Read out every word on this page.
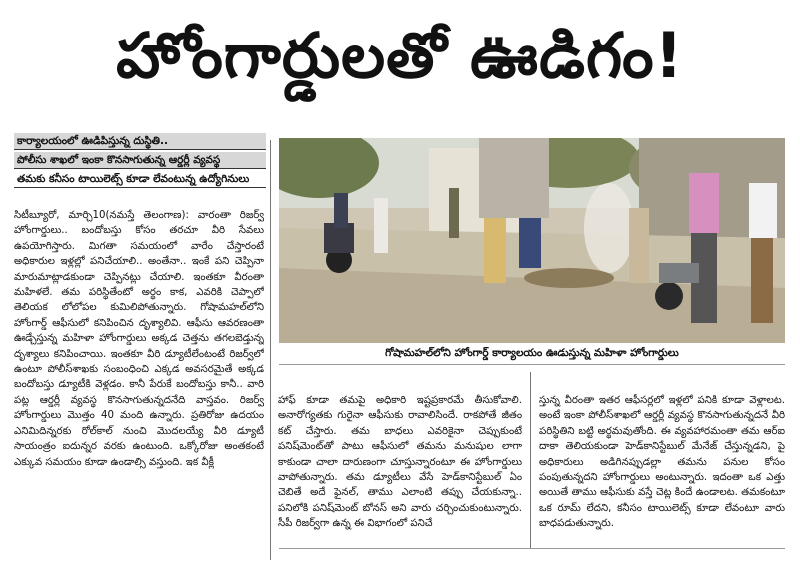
హోంగార్డులతో ఊడిగం!
కార్యాలయంలో ఊడిపిస్తున్న దుస్థితి..
పోలీసు శాఖలో ఇంకా కొనసాగుతున్న ఆర్డర్లీ వ్యవస్థ
తమకు కనీసం టాయిలెట్స్ కూడా లేవంటున్న ఉద్యోగినులు

సిటీబ్యూరో, మార్చి10(నమస్తే తెలంగాణ): వారంతా రిజర్వ్ హోంగార్డులు.. బందోబస్తు కోసం తరచూ వీరి సేవలు ఉపయోగిస్తారు. మిగతా సమయంలో వారేం చేస్తారంటే అధికారుల ఇళ్లల్లో పనిచేయాలి.. అంతేనా.. ఇంకే పని చెప్పినా మారుమాట్లాడకుండా చెప్పినట్లు చేయాలి. ఇంతకూ వీరంతా మహిళలే. తమ పరిస్థితేంటో అర్థం కాక, ఎవరికి చెప్పాలో తెలియక లోలోపల కుమిలిపోతున్నారు. గోషామహల్‌లోని హోంగార్డ్ ఆఫీసులో కనిపించిన దృశ్యాలివి. ఆఫీసు ఆవరణంతా ఊడ్చేస్తున్న మహిళా హోంగార్డులు అక్కడ చెత్తను తగలబెడ్తున్న దృశ్యాలు కనిపించాయి. ఇంతకూ వీరి డ్యూటీలేంటంటే రిజర్వ్‌లో ఉంటూ పోలీస్‌శాఖకు సంబంధించి ఎక్కడ అవసరమైతే అక్కడ బందోబస్తు డ్యూటీకి వెళ్లడం. కానీ పేరుకే బందోబస్తు కానీ.. వారి పట్ల ఆర్డర్లీ వ్యవస్థ కొనసాగుతున్నదనేది వాస్తవం. రిజర్వ్ హోంగార్డులు మొత్తం 40 మంది ఉన్నారు. ప్రతిరోజు ఉదయం ఎనిమిదిన్నరకు రోల్‌కాల్ నుంచి మొదలయ్యే వీరి డ్యూటీ సాయంత్రం ఐదున్నర వరకు ఉంటుంది. ఒక్కోరోజు అంతకంటే ఎక్కువ సమయం కూడా ఉండాల్సి వస్తుంది. ఇక వీక్లీ

గోషామహల్‌లోని హోంగార్డ్ కార్యాలయం ఊడుస్తున్న మహిళా హోంగార్డులు

హాఫ్ కూడా తమపై అధికారి ఇష్టప్రకారమే తీసుకోవాలి. అనారోగ్యతకు గురైనా ఆఫీసుకు రావాలిసిందే. రాకపోతే జీతం కట్ చేస్తారు. తమ బాధలు ఎవరికైనా చెప్పుకుంటే పనిష్‌మెంట్‌తో పాటు ఆఫీసులో తమను మనుషుల లాగా కాకుండా చాలా దారుణంగా చూస్తున్నారంటూ ఈ హోంగార్డులు వాపోతున్నారు. తమ డ్యూటీలు వేసే హెడ్‌కానిస్టేబుల్ ఏం చెబితే అదే ఫైనల్, తాము ఎలాంటి తప్పు చేయకున్నా.. పనిలోకి పనిష్‌మెంట్ బోనస్ అని వారు చర్చించుకుంటున్నారు. సీపీ రిజర్వ్‌గా ఉన్న ఈ విభాగంలో పనిచే

స్తున్న వీరంతా ఇతర ఆఫీసర్లలో ఇళ్లలో పనికి కూడా వెళ్లాలట. అంటే ఇంకా పోలీస్‌శాఖలో ఆర్డర్లీ వ్యవస్థ కొనసాగుతున్నదనే వీరి పరిస్థితిని బట్టి అర్థమవుతోంది. ఈ వ్యవహారమంతా తమ ఆర్‌ఐ దాకా తెలియకుండా హెడ్‌కానిస్టేబుల్ మేనేజ్ చేస్తున్నడని, పై అధికారులు అడిగినప్పుడల్లా తమను పనుల కోసం పంపుతున్నదని హోంగార్డులు అంటున్నారు. ఇదంతా ఒక ఎత్తు అయితే తాము ఆఫీసుకు వస్తే చెట్ల కిందే ఉండాలట. తమకంటూ ఒక రూమ్ లేదని, కనీసం టాయిలెట్స్ కూడా లేవంటూ వారు బాధపడుతున్నారు.
